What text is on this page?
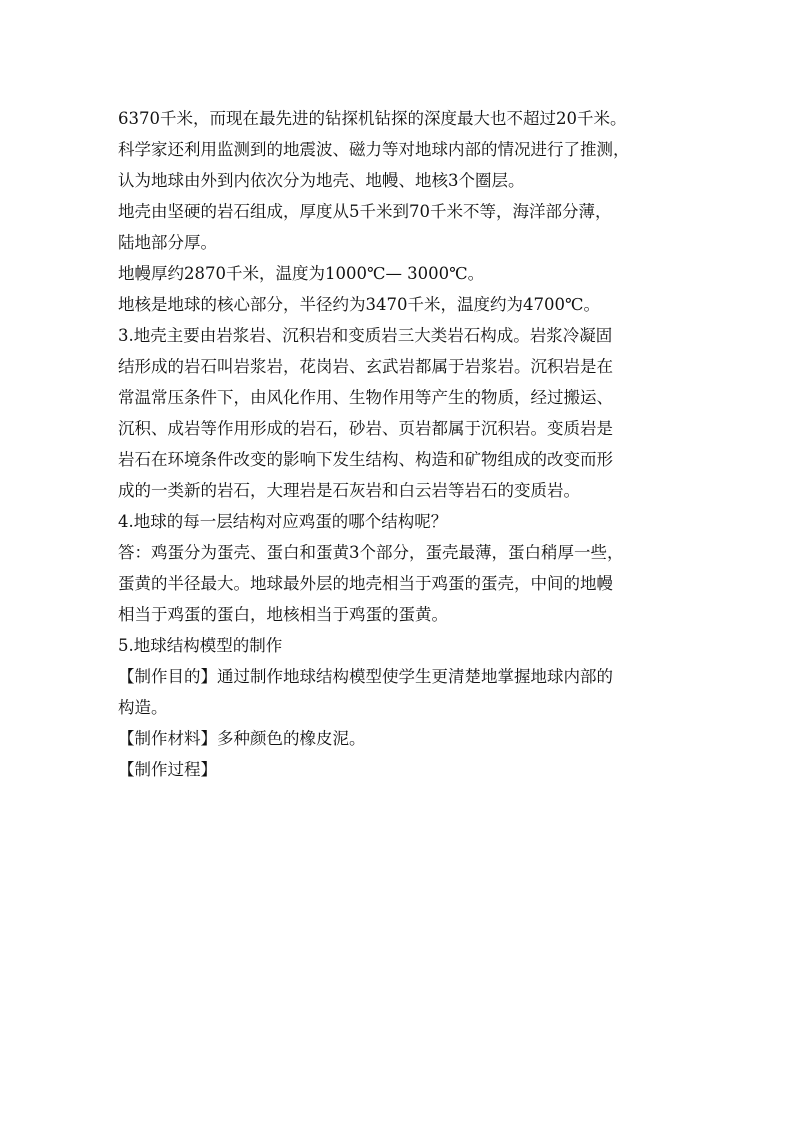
6370千米，而现在最先进的钻探机钻探的深度最大也不超过20千米。
科学家还利用监测到的地震波、磁力等对地球内部的情况进行了推测，
认为地球由外到内依次分为地壳、地幔、地核3个圈层。
地壳由坚硬的岩石组成，厚度从5千米到70千米不等，海洋部分薄，
陆地部分厚。
地幔厚约2870千米，温度为1000℃— 3000℃。
地核是地球的核心部分，半径约为3470千米，温度约为4700℃。
3.地壳主要由岩浆岩、沉积岩和变质岩三大类岩石构成。岩浆冷凝固
结形成的岩石叫岩浆岩，花岗岩、玄武岩都属于岩浆岩。沉积岩是在
常温常压条件下，由风化作用、生物作用等产生的物质，经过搬运、
沉积、成岩等作用形成的岩石，砂岩、页岩都属于沉积岩。变质岩是
岩石在环境条件改变的影响下发生结构、构造和矿物组成的改变而形
成的一类新的岩石，大理岩是石灰岩和白云岩等岩石的变质岩。
4.地球的每一层结构对应鸡蛋的哪个结构呢？
答：鸡蛋分为蛋壳、蛋白和蛋黄3个部分，蛋壳最薄，蛋白稍厚一些，
蛋黄的半径最大。地球最外层的地壳相当于鸡蛋的蛋壳，中间的地幔
相当于鸡蛋的蛋白，地核相当于鸡蛋的蛋黄。
5.地球结构模型的制作
【制作目的】通过制作地球结构模型使学生更清楚地掌握地球内部的
构造。
【制作材料】多种颜色的橡皮泥。
【制作过程】
